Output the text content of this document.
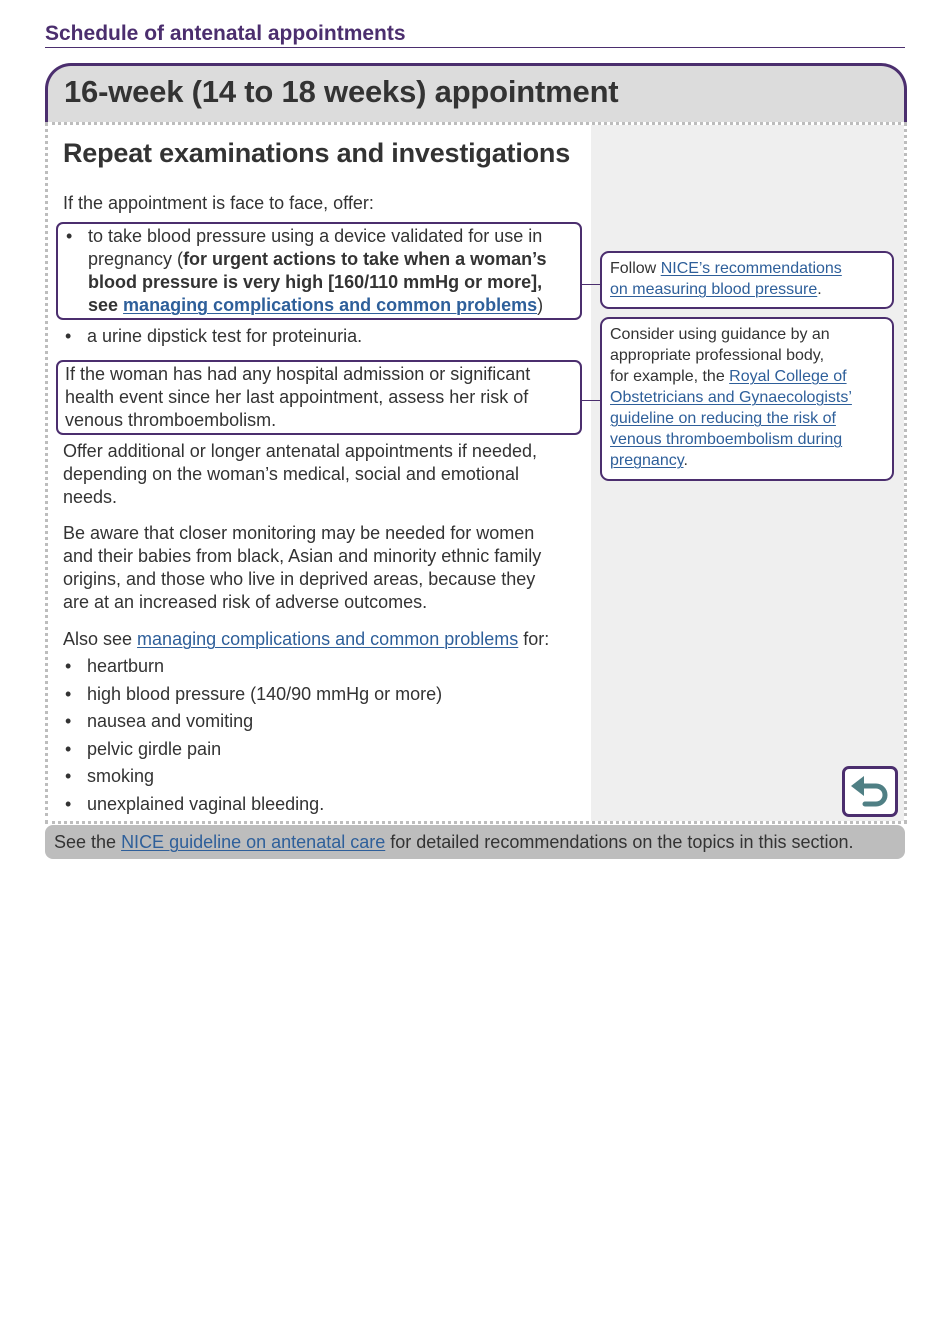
Schedule of antenatal appointments
16-week (14 to 18 weeks) appointment
Repeat examinations and investigations
If the appointment is face to face, offer:
• to take blood pressure using a device validated for use in
pregnancy (for urgent actions to take when a woman’s
blood pressure is very high [160/110 mmHg or more],
see managing complications and common problems)
• a urine dipstick test for proteinuria.
If the woman has had any hospital admission or significant
health event since her last appointment, assess her risk of
venous thromboembolism.
Offer additional or longer antenatal appointments if needed,
depending on the woman’s medical, social and emotional
needs.
Be aware that closer monitoring may be needed for women
and their babies from black, Asian and minority ethnic family
origins, and those who live in deprived areas, because they
are at an increased risk of adverse outcomes.
Also see managing complications and common problems for:
• heartburn
• high blood pressure (140/90 mmHg or more)
• nausea and vomiting
• pelvic girdle pain
• smoking
• unexplained vaginal bleeding.
Follow NICE’s recommendations
on measuring blood pressure.
Consider using guidance by an
appropriate professional body,
for example, the Royal College of
Obstetricians and Gynaecologists’
guideline on reducing the risk of
venous thromboembolism during
pregnancy.
See the NICE guideline on antenatal care for detailed recommendations on the topics in this section.
